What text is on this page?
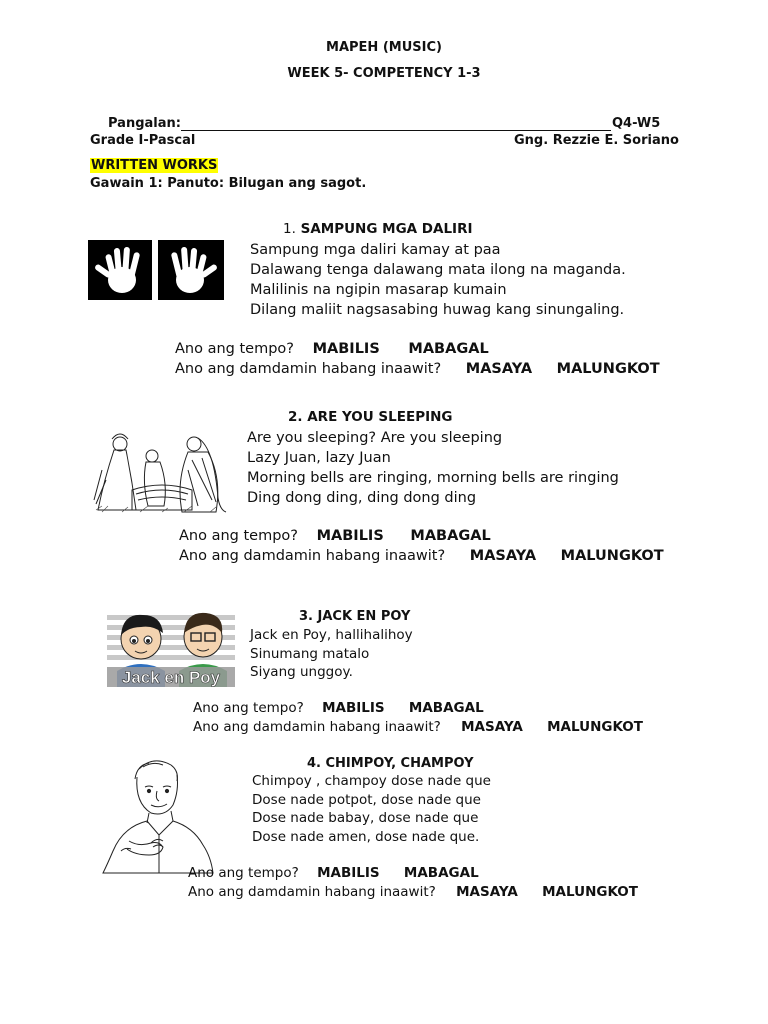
MAPEH (MUSIC)
WEEK 5- COMPETENCY 1-3
Pangalan:	Q4-W5
Grade I-Pascal	Gng. Rezzie E. Soriano
WRITTEN WORKS
Gawain 1: Panuto: Bilugan ang sagot.
1. SAMPUNG MGA DALIRI
Sampung mga daliri kamay at paa
Dalawang tenga dalawang mata ilong na maganda.
Malilinis na ngipin masarap kumain
Dilang maliit nagsasabing huwag kang sinungaling.
Ano ang tempo? MABILIS MABAGAL
Ano ang damdamin habang inaawit? MASAYA MALUNGKOT
2. ARE YOU SLEEPING
Are you sleeping? Are you sleeping
Lazy Juan, lazy Juan
Morning bells are ringing, morning bells are ringing
Ding dong ding, ding dong ding
Ano ang tempo? MABILIS MABAGAL
Ano ang damdamin habang inaawit? MASAYA MALUNGKOT
3. JACK EN POY
Jack en Poy
Jack en Poy, hallihalihoy
Sinumang matalo
Siyang unggoy.
Ano ang tempo? MABILIS MABAGAL
Ano ang damdamin habang inaawit? MASAYA MALUNGKOT
4. CHIMPOY, CHAMPOY
Chimpoy , champoy dose nade que
Dose nade potpot, dose nade que
Dose nade babay, dose nade que
Dose nade amen, dose nade que.
Ano ang tempo? MABILIS MABAGAL
Ano ang damdamin habang inaawit? MASAYA MALUNGKOT
